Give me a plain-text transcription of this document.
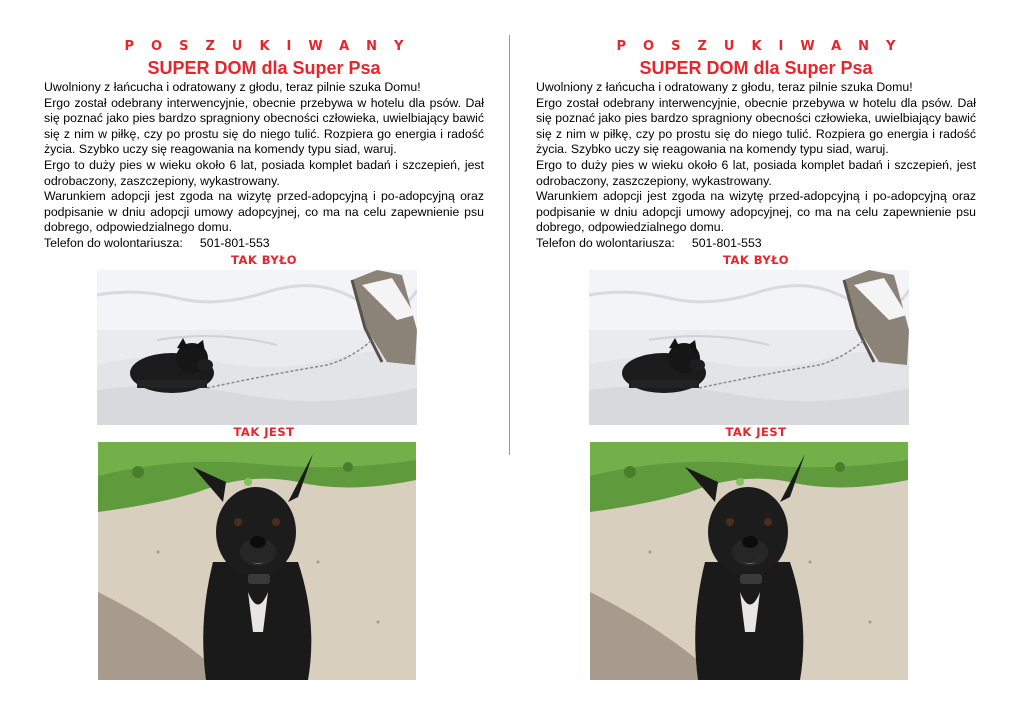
POSZUKIWANY
SUPER DOM dla Super Psa

Uwolniony z łańcucha i odratowany z głodu, teraz pilnie szuka Domu!

Ergo został odebrany interwencyjnie, obecnie przebywa w hotelu dla psów. Dał się poznać jako pies bardzo spragniony obecności człowieka, uwielbiający bawić się z nim w piłkę, czy po prostu się do niego tulić. Rozpiera go energia i radość życia. Szybko uczy się reagowania na komendy typu siad, waruj.

Ergo to duży pies w wieku około 6 lat, posiada komplet badań i szczepień, jest odrobaczony, zaszczepiony, wykastrowany.

Warunkiem adopcji jest zgoda na wizytę przed-adopcyjną i po-adopcyjną oraz podpisanie w dniu adopcji umowy adopcyjnej, co ma na celu zapewnienie psu dobrego, odpowiedzialnego domu.

Telefon do wolontariusza: 501-801-553

TAK BYŁO
TAK JEST
POSZUKIWANY
SUPER DOM dla Super Psa

Uwolniony z łańcucha i odratowany z głodu, teraz pilnie szuka Domu!

Ergo został odebrany interwencyjnie, obecnie przebywa w hotelu dla psów. Dał się poznać jako pies bardzo spragniony obecności człowieka, uwielbiający bawić się z nim w piłkę, czy po prostu się do niego tulić. Rozpiera go energia i radość życia. Szybko uczy się reagowania na komendy typu siad, waruj.

Ergo to duży pies w wieku około 6 lat, posiada komplet badań i szczepień, jest odrobaczony, zaszczepiony, wykastrowany.

Warunkiem adopcji jest zgoda na wizytę przed-adopcyjną i po-adopcyjną oraz podpisanie w dniu adopcji umowy adopcyjnej, co ma na celu zapewnienie psu dobrego, odpowiedzialnego domu.

Telefon do wolontariusza: 501-801-553

TAK BYŁO
TAK JEST
